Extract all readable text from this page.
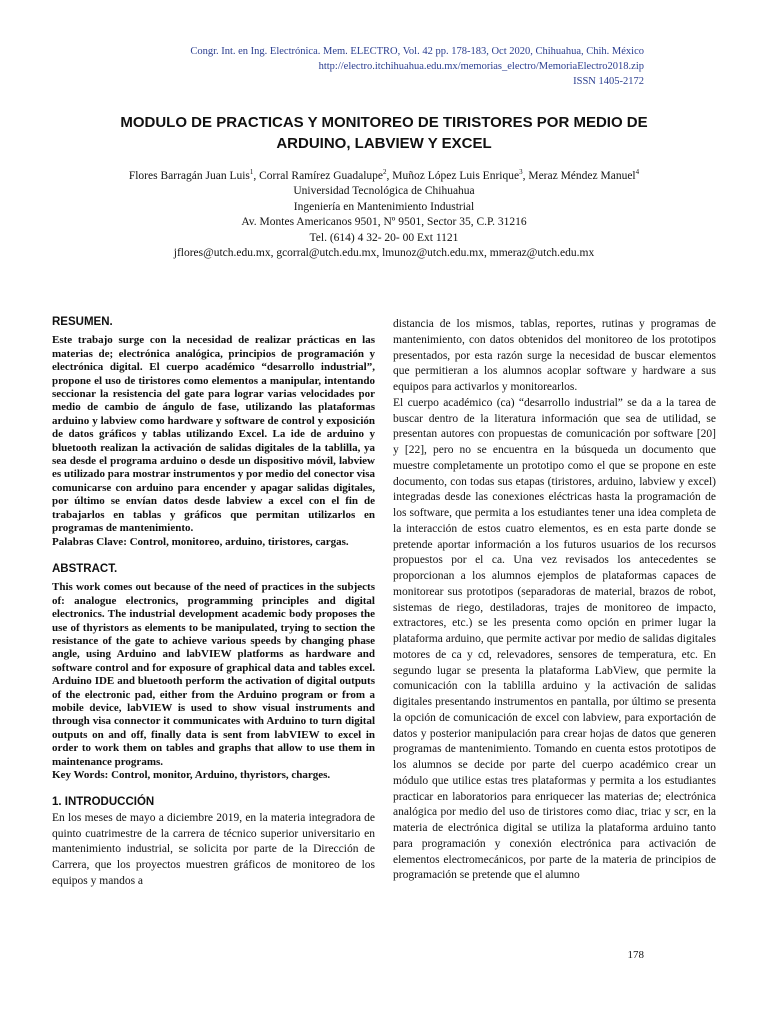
Congr. Int. en Ing. Electrónica. Mem. ELECTRO, Vol. 42 pp. 178-183, Oct 2020, Chihuahua, Chih. México
http://electro.itchihuahua.edu.mx/memorias_electro/MemoriaElectro2018.zip
ISSN 1405-2172
MODULO DE PRACTICAS Y MONITOREO DE TIRISTORES POR MEDIO DE ARDUINO, LABVIEW Y EXCEL
Flores Barragán Juan Luis$^1$, Corral Ramírez Guadalupe$^2$, Muñoz López Luis Enrique$^3$, Meraz Méndez Manuel$^4$
Universidad Tecnológica de Chihuahua
Ingeniería en Mantenimiento Industrial
Av. Montes Americanos 9501, Nº 9501, Sector 35, C.P. 31216
Tel. (614) 4 32- 20- 00 Ext 1121
jflores@utch.edu.mx, gcorral@utch.edu.mx, lmunoz@utch.edu.mx, mmeraz@utch.edu.mx
RESUMEN.

Este trabajo surge con la necesidad de realizar prácticas en las materias de; electrónica analógica, principios de programación y electrónica digital. El cuerpo académico “desarrollo industrial”, propone el uso de tiristores como elementos a manipular, intentando seccionar la resistencia del gate para lograr varias velocidades por medio de cambio de ángulo de fase, utilizando las plataformas arduino y labview como hardware y software de control y exposición de datos gráficos y tablas utilizando Excel. La ide de arduino y bluetooth realizan la activación de salidas digitales de la tablilla, ya sea desde el programa arduino o desde un dispositivo móvil, labview es utilizado para mostrar instrumentos y por medio del conector visa comunicarse con arduino para encender y apagar salidas digitales, por último se envían datos desde labview a excel con el fin de trabajarlos en tablas y gráficos que permitan utilizarlos en programas de mantenimiento.

Palabras Clave: Control, monitoreo, arduino, tiristores, cargas.

ABSTRACT.

This work comes out because of the need of practices in the subjects of: analogue electronics, programming principles and digital electronics. The industrial development academic body proposes the use of thyristors as elements to be manipulated, trying to section the resistance of the gate to achieve various speeds by changing phase angle, using Arduino and labVIEW platforms as hardware and software control and for exposure of graphical data and tables excel. Arduino IDE and bluetooth perform the activation of digital outputs of the electronic pad, either from the Arduino program or from a mobile device, labVIEW is used to show visual instruments and through visa connector it communicates with Arduino to turn digital outputs on and off, finally data is sent from labVIEW to excel in order to work them on tables and graphs that allow to use them in maintenance programs.

Key Words: Control, monitor, Arduino, thyristors, charges.

1. INTRODUCCIÓN

En los meses de mayo a diciembre 2019, en la materia integradora de quinto cuatrimestre de la carrera de técnico superior universitario en mantenimiento industrial, se solicita por parte de la Dirección de Carrera, que los proyectos muestren gráficos de monitoreo de los equipos y mandos a

distancia de los mismos, tablas, reportes, rutinas y programas de mantenimiento, con datos obtenidos del monitoreo de los prototipos presentados, por esta razón surge la necesidad de buscar elementos que permitieran a los alumnos acoplar software y hardware a sus equipos para activarlos y monitorearlos.

El cuerpo académico (ca) “desarrollo industrial” se da a la tarea de buscar dentro de la literatura información que sea de utilidad, se presentan autores con propuestas de comunicación por software [20] y [22], pero no se encuentra en la búsqueda un documento que muestre completamente un prototipo como el que se propone en este documento, con todas sus etapas (tiristores, arduino, labview y excel) integradas desde las conexiones eléctricas hasta la programación de los software, que permita a los estudiantes tener una idea completa de la interacción de estos cuatro elementos, es en esta parte donde se pretende aportar información a los futuros usuarios de los recursos propuestos por el ca. Una vez revisados los antecedentes se proporcionan a los alumnos ejemplos de plataformas capaces de monitorear sus prototipos (separadoras de material, brazos de robot, sistemas de riego, destiladoras, trajes de monitoreo de impacto, extractores, etc.) se les presenta como opción en primer lugar la plataforma arduino, que permite activar por medio de salidas digitales motores de ca y cd, relevadores, sensores de temperatura, etc. En segundo lugar se presenta la plataforma LabView, que permite la comunicación con la tablilla arduino y la activación de salidas digitales presentando instrumentos en pantalla, por último se presenta la opción de comunicación de excel con labview, para exportación de datos y posterior manipulación para crear hojas de datos que generen programas de mantenimiento. Tomando en cuenta estos prototipos de los alumnos se decide por parte del cuerpo académico crear un módulo que utilice estas tres plataformas y permita a los estudiantes practicar en laboratorios para enriquecer las materias de; electrónica analógica por medio del uso de tiristores como diac, triac y scr, en la materia de electrónica digital se utiliza la plataforma arduino tanto para programación y conexión electrónica para activación de elementos electromecánicos, por parte de la materia de principios de programación se pretende que el alumno

178
